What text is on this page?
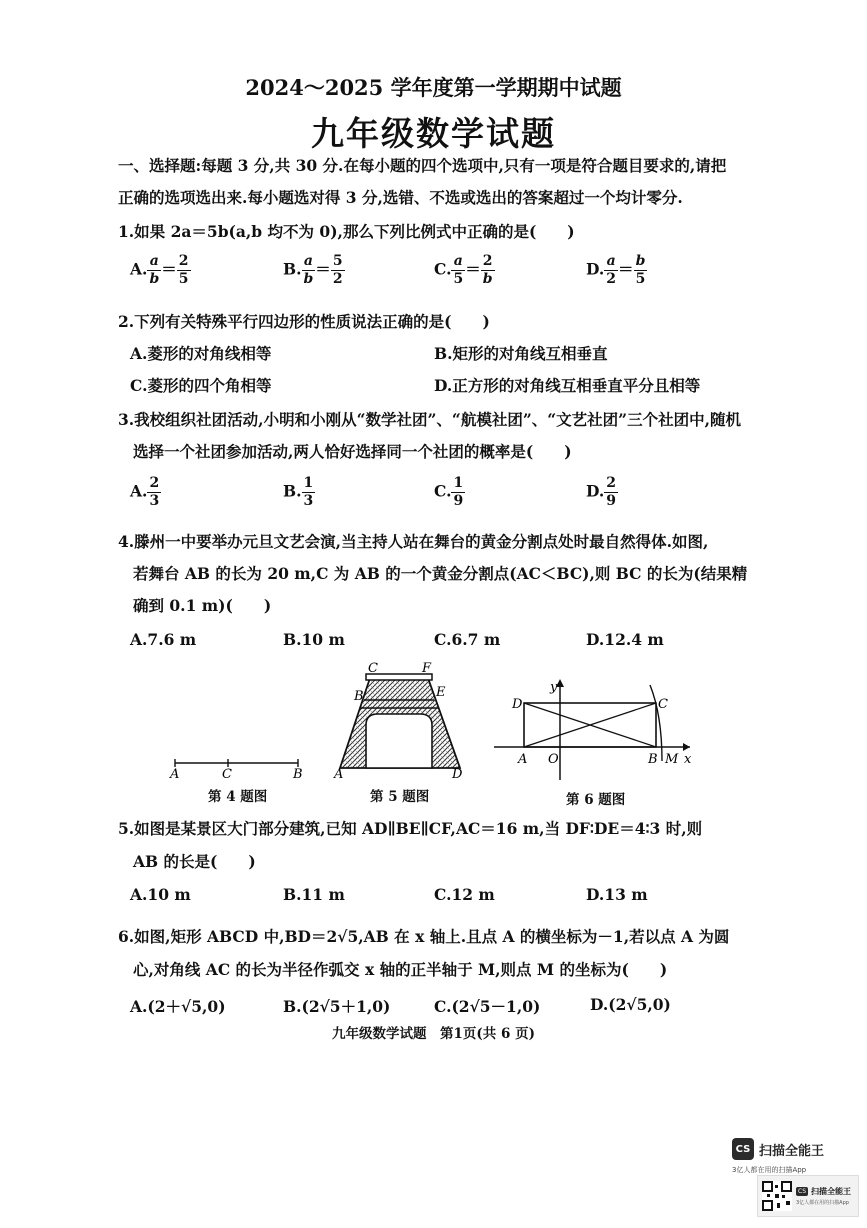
2024～2025 学年度第一学期期中试题
九年级数学试题
一、选择题:每题 3 分,共 30 分.在每小题的四个选项中,只有一项是符合题目要求的,请把
正确的选项选出来.每小题选对得 3 分,选错、不选或选出的答案超过一个均计零分.
1.如果 2a＝5b(a,b 均不为 0),那么下列比例式中正确的是(　　)
A. $\frac{a}{b} = \frac{2}{5}$	B. $\frac{a}{b} = \frac{5}{2}$	C. $\frac{a}{5} = \frac{2}{b}$	D. $\frac{a}{2} = \frac{b}{5}$
2.下列有关特殊平行四边形的性质说法正确的是(　　)
A.菱形的对角线相等	B.矩形的对角线互相垂直
C.菱形的四个角相等	D.正方形的对角线互相垂直平分且相等
3.我校组织社团活动,小明和小刚从“数学社团”、“航模社团”、“文艺社团”三个社团中,随机
选择一个社团参加活动,两人恰好选择同一个社团的概率是(　　)
A. $\frac{2}{3}$	B. $\frac{1}{3}$	C. $\frac{1}{9}$	D. $\frac{2}{9}$
4.滕州一中要举办元旦文艺会演,当主持人站在舞台的黄金分割点处时最自然得体.如图,
若舞台 AB 的长为 20 m,C 为 AB 的一个黄金分割点(AC＜BC),则 BC 的长为(结果精
确到 0.1 m)(　　)
A.7.6 m	B.10 m	C.6.7 m	D.12.4 m
A	C	B
第 4 题图
C	F
B	E
A	D
第 5 题图
y
D	C
A O	B M x
第 6 题图
5.如图是某景区大门部分建筑,已知 AD∥BE∥CF,AC＝16 m,当 DF∶DE＝4∶3 时,则
AB 的长是(　　)
A.10 m	B.11 m	C.12 m	D.13 m
6.如图,矩形 ABCD 中,BD＝2√5,AB 在 x 轴上.且点 A 的横坐标为－1,若以点 A 为圆
心,对角线 AC 的长为半径作弧交 x 轴的正半轴于 M,则点 M 的坐标为(　　)
A.(2＋√5,0)	B.(2√5＋1,0)	C.(2√5－1,0)	D.(2√5,0)
九年级数学试题　第1页(共 6 页)
CS 扫描全能王
3亿人都在用的扫描App
CS 扫描全能王
3亿人都在用的扫描App
